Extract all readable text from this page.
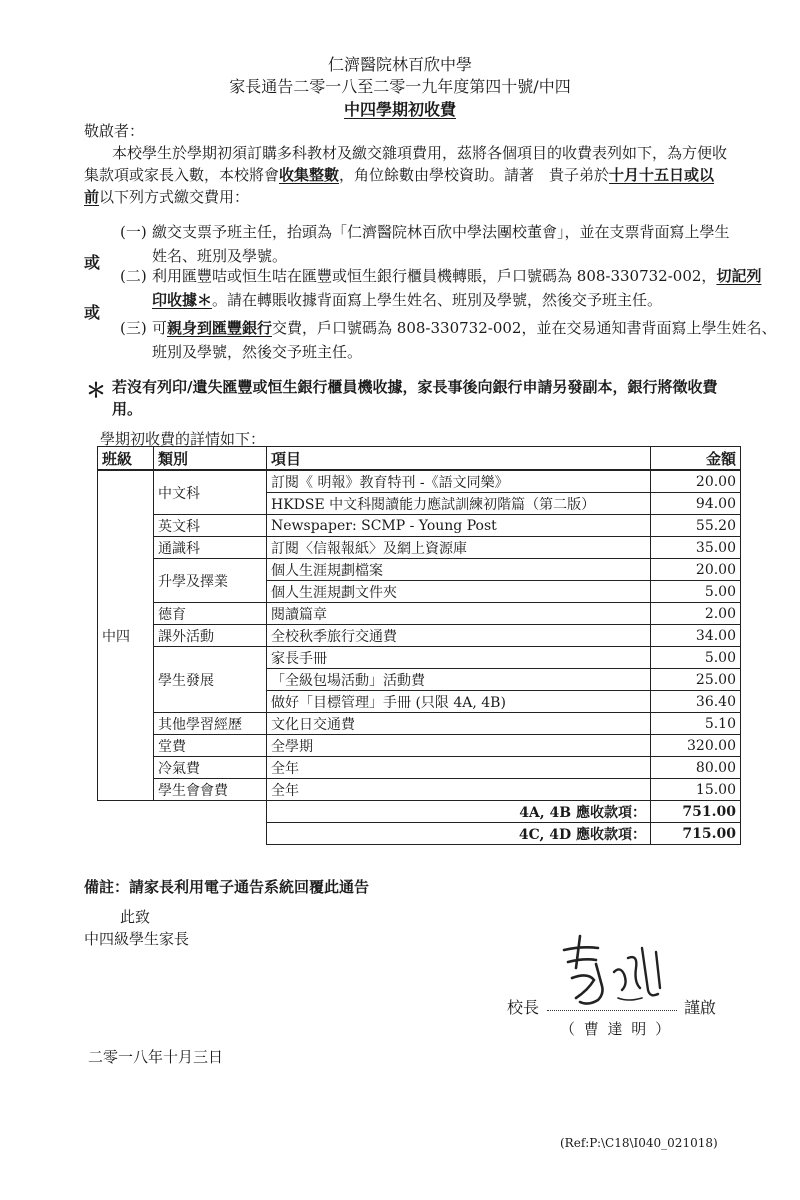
仁濟醫院林百欣中學
家長通告二零一八至二零一九年度第四十號/中四
中四學期初收費
敬啟者：
本校學生於學期初須訂購多科教材及繳交雜項費用，茲將各個項目的收費表列如下，為方便收
集款項或家長入數，本校將會收集整數，角位餘數由學校資助。請著　貴子弟於十月十五日或以
前以下列方式繳交費用：
(一) 繳交支票予班主任，抬頭為「仁濟醫院林百欣中學法團校董會」，並在支票背面寫上學生
姓名、班別及學號。
或
(二) 利用匯豐咭或恒生咭在匯豐或恒生銀行櫃員機轉賬，戶口號碼為 808-330732-002，切記列
印收據＊。請在轉賬收據背面寫上學生姓名、班別及學號，然後交予班主任。
或
(三) 可親身到匯豐銀行交費，戶口號碼為 808-330732-002，並在交易通知書背面寫上學生姓名、
班別及學號，然後交予班主任。
＊ 若沒有列印/遺失匯豐或恒生銀行櫃員機收據，家長事後向銀行申請另發副本，銀行將徵收費
用。
學期初收費的詳情如下：
班級	類別	項目	金額
中四	中文科	訂閱《 明報》教育特刊 -《語文同樂》	20.00
		HKDSE 中文科閱讀能力應試訓練初階篇（第二版）	94.00
	英文科	Newspaper: SCMP - Young Post	55.20
	通識科	訂閱〈信報報紙〉及網上資源庫	35.00
	升學及擇業	個人生涯規劃檔案	20.00
		個人生涯規劃文件夾	5.00
	德育	閱讀篇章	2.00
	課外活動	全校秋季旅行交通費	34.00
	學生發展	家長手冊	5.00
		「全級包場活動」活動費	25.00
		做好「目標管理」手冊 (只限 4A, 4B)	36.40
	其他學習經歷	文化日交通費	5.10
	堂費	全學期	320.00
	冷氣費	全年	80.00
	學生會會費	全年	15.00
		4A, 4B 應收款項：	751.00
		4C, 4D 應收款項：	715.00
備註：請家長利用電子通告系統回覆此通告
此致
中四級學生家長
校長	謹啟
（ 曹 達 明 ）
二零一八年十月三日
(Ref:P:\C18\I040_021018)
